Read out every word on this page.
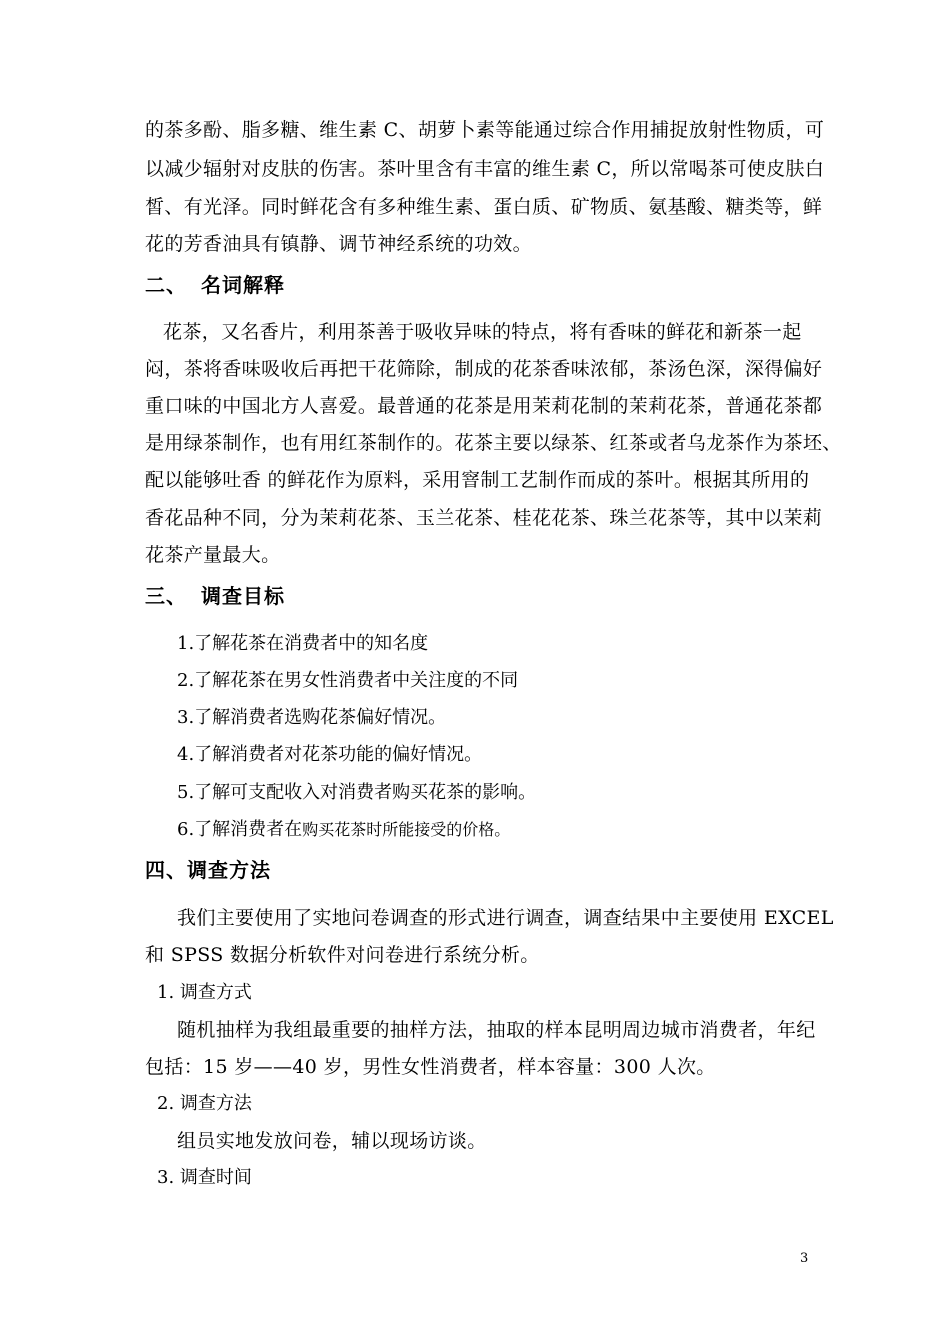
的茶多酚、脂多糖、维生素 C、胡萝卜素等能通过综合作用捕捉放射性物质，可
以减少辐射对皮肤的伤害。茶叶里含有丰富的维生素 C，所以常喝茶可使皮肤白
皙、有光泽。同时鲜花含有多种维生素、蛋白质、矿物质、氨基酸、糖类等，鲜
花的芳香油具有镇静、调节神经系统的功效。
二、 名词解释
花茶，又名香片，利用茶善于吸收异味的特点，将有香味的鲜花和新茶一起
闷，茶将香味吸收后再把干花筛除，制成的花茶香味浓郁，茶汤色深，深得偏好
重口味的中国北方人喜爱。最普通的花茶是用茉莉花制的茉莉花茶，普通花茶都
是用绿茶制作，也有用红茶制作的。花茶主要以绿茶、红茶或者乌龙茶作为茶坯、
配以能够吐香 的鲜花作为原料，采用窨制工艺制作而成的茶叶。根据其所用的
香花品种不同，分为茉莉花茶、玉兰花茶、桂花花茶、珠兰花茶等，其中以茉莉
花茶产量最大。
三、 调查目标
1.了解花茶在消费者中的知名度
2.了解花茶在男女性消费者中关注度的不同
3.了解消费者选购花茶偏好情况。
4.了解消费者对花茶功能的偏好情况。
5.了解可支配收入对消费者购买花茶的影响。
6.了解消费者在购买花茶时所能接受的价格。
四、调查方法
我们主要使用了实地问卷调查的形式进行调查，调查结果中主要使用 EXCEL
和 SPSS 数据分析软件对问卷进行系统分析。
1. 调查方式
随机抽样为我组最重要的抽样方法，抽取的样本昆明周边城市消费者，年纪
包括：15 岁——40 岁，男性女性消费者，样本容量：300 人次。
2. 调查方法
组员实地发放问卷，辅以现场访谈。
3. 调查时间
3
